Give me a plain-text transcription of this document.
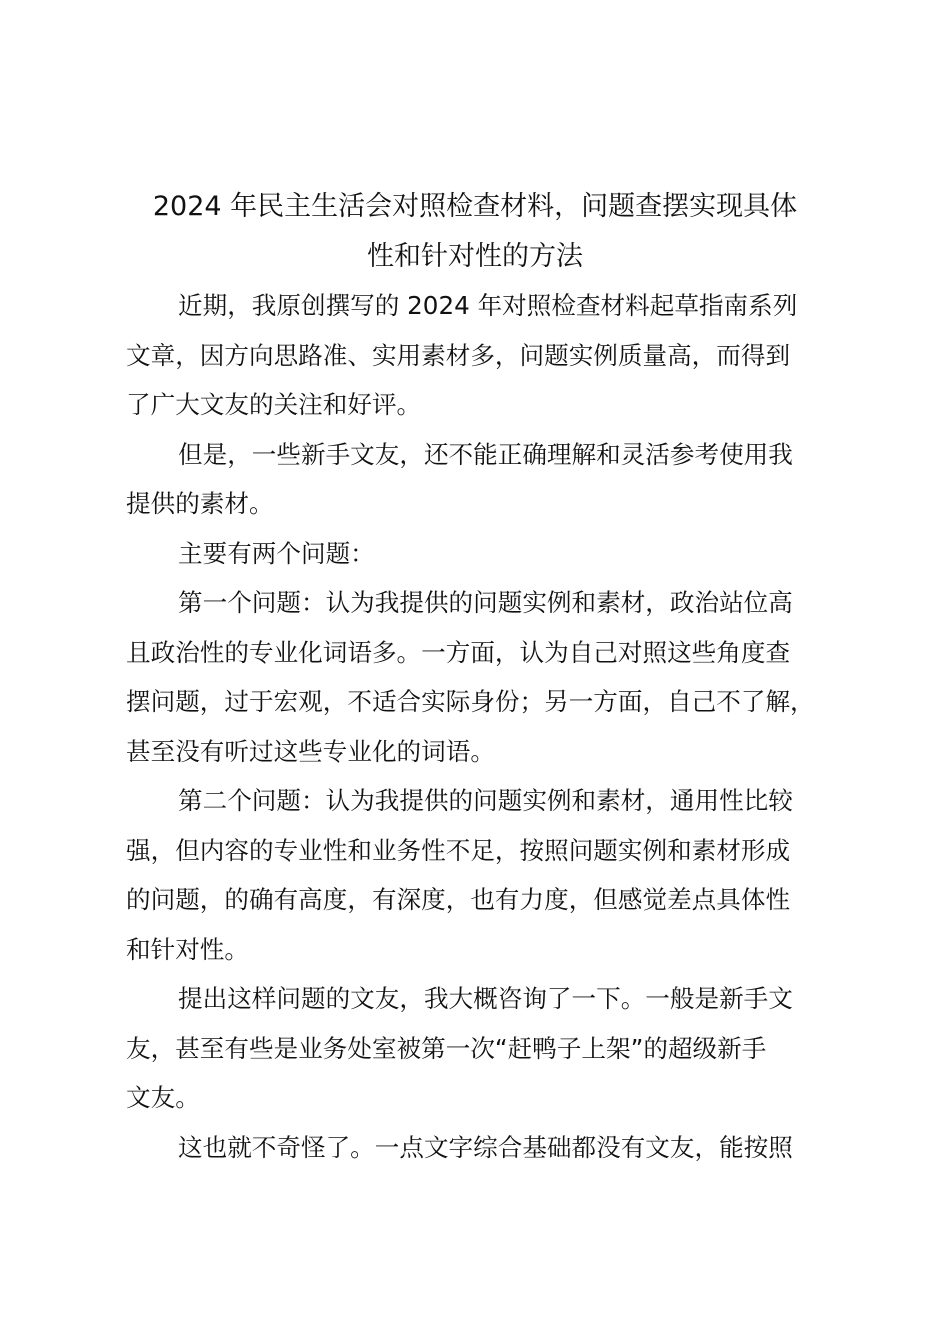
2024 年民主生活会对照检查材料，问题查摆实现具体
性和针对性的方法

近期，我原创撰写的 2024 年对照检查材料起草指南系列
文章，因方向思路准、实用素材多，问题实例质量高，而得到
了广大文友的关注和好评。

但是，一些新手文友，还不能正确理解和灵活参考使用我
提供的素材。

主要有两个问题：

第一个问题：认为我提供的问题实例和素材，政治站位高
且政治性的专业化词语多。一方面，认为自己对照这些角度查
摆问题，过于宏观，不适合实际身份；另一方面，自己不了解，
甚至没有听过这些专业化的词语。

第二个问题：认为我提供的问题实例和素材，通用性比较
强，但内容的专业性和业务性不足，按照问题实例和素材形成
的问题，的确有高度，有深度，也有力度，但感觉差点具体性
和针对性。

提出这样问题的文友，我大概咨询了一下。一般是新手文
友，甚至有些是业务处室被第一次“赶鸭子上架”的超级新手
文友。

这也就不奇怪了。一点文字综合基础都没有文友，能按照
